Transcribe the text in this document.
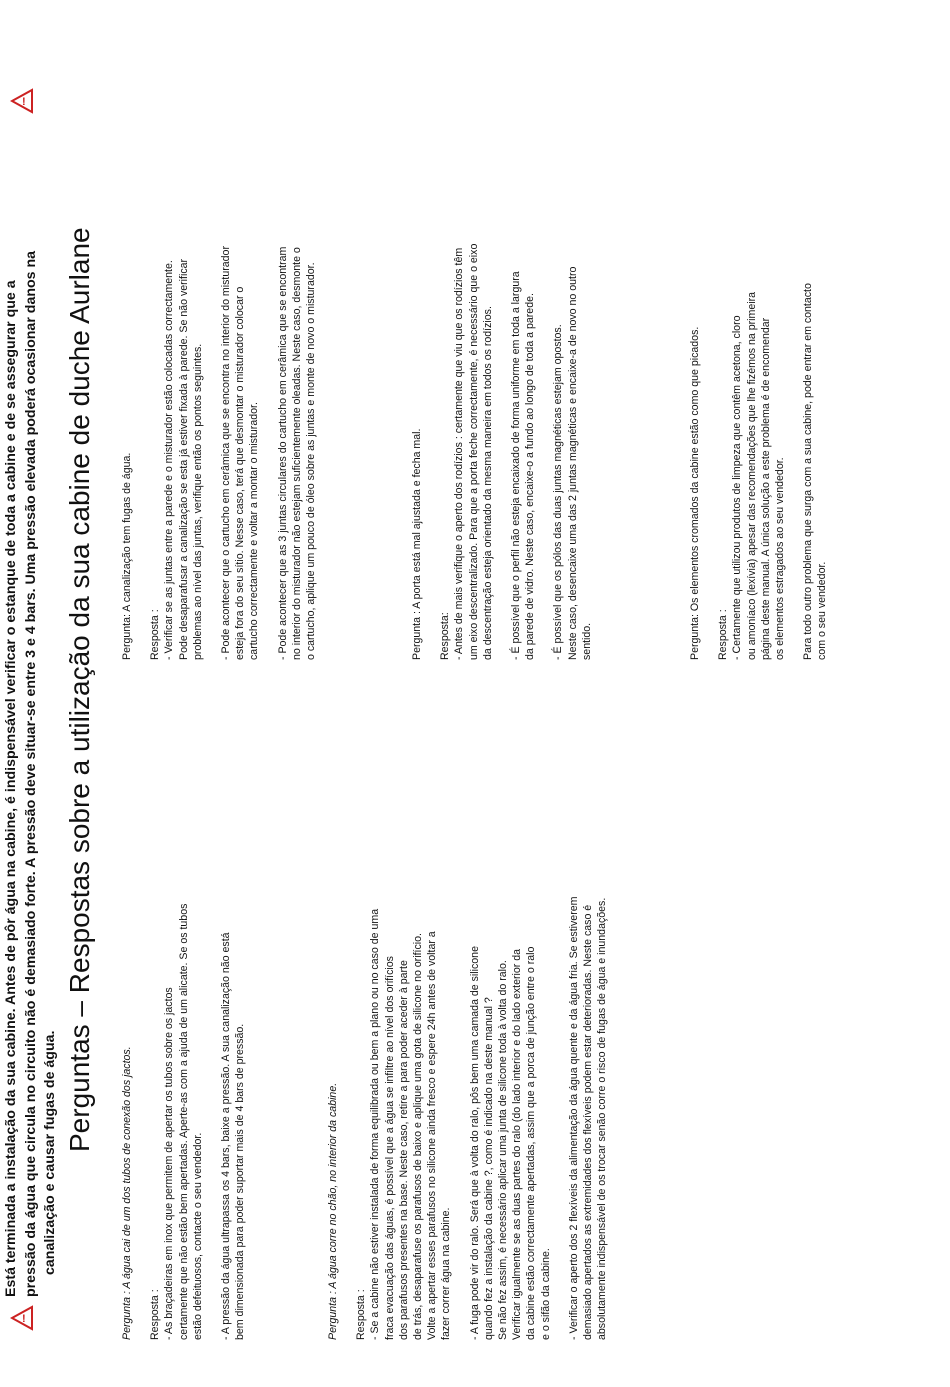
!
!
Está terminada a instalação da sua cabine. Antes de pôr água na cabine, é indispensável verificar o estanque de toda a cabine e de se assegurar que a pressão da água que circula no circuito não é demasiado forte. A pressão deve situar-se entre 3 e 4 bars. Uma pressão elevada poderá ocasionar danos na canalização e causar fugas de água.
Perguntas – Respostas sobre a utilização da sua cabine de duche Aurlane
Pergunta : A água cai de um dos tubos de conexão dos jactos. Resposta : - As braçadeiras em inox que permitem de apertar os tubos sobre os jactos certamente que não estão bem apertadas. Aperte-as com a ajuda de um alicate. Se os tubos estão defeituosos, contacte o seu vendedor. - A pressão da água ultrapassa os 4 bars, baixe a pressão. A sua canalização não está bem dimensionada para poder suportar mais de 4 bars de pressão.	Pergunta : A água corre no chão, no interior da cabine. Resposta : - Se a cabine não estiver instalada de forma equilibrada ou bem a plano ou no caso de uma fraca evacuação das águas, é possível que a água se infiltre ao nível dos orifícios dos parafusos presentes na base. Neste caso, retire a para poder aceder à parte de trás, desaparafuse os parafusos de baixo e aplique uma gota de silicone no orifício. Volte a apertar esses parafusos no silicone ainda fresco e espere 24h antes de voltar a fazer correr água na cabine. - A fuga pode vir do ralo. Será que à volta do ralo, pôs bem uma camada de silicone quando fez a instalação da cabine ?, como é indicado na deste manual ? Se não fez assim, é necessário aplicar uma junta de silicone toda à volta do ralo. Verificar igualmente se as duas partes do ralo (do lado interior e do lado exterior da da cabine estão correctamente apertadas, assim que a porca de junção entre o ralo e o sifão da cabine. - Verificar o aperto dos 2 flexíveis da alimentação da água quente e da água fria. Se estiverem demasiado apertados as extremidades dos flexíveis podem estar deterioradas. Neste caso é absolutamente indispensável de os trocar senão corre o risco de fugas de água e inundações.
Pergunta: A canalização tem fugas de água. Resposta : - Verificar se as juntas entre a parede e o misturador estão colocadas correctamente. Pode desaparafusar a canalização se esta já estiver fixada à parede. Se não verificar problemas ao nível das juntas, verifique então os pontos seguintes. - Pode acontecer que o cartucho em cerâmica que se encontra no interior do misturador esteja fora do seu sítio. Nesse caso, terá que desmontar o misturador colocar o cartucho correctamente e voltar a montar o misturador. - Pode acontecer que as 3 juntas circulares do cartucho em cerâmica que se encontram no interior do misturador não estejam suficientemente oleadas. Neste caso, desmonte o o cartucho, aplique um pouco de óleo sobre as juntas e monte de novo o misturador.	Pergunta : A porta está mal ajustada e fecha mal. Resposta: - Antes de mais verifique o aperto dos rodízios : certamente que viu que os rodízios têm um eixo descentralizado. Para que a porta feche correctamente, é necessário que o eixo da descentração esteja orientado da mesma maneira em todos os rodízios. - É possível que o perfil não esteja encaixado de forma uniforme em toda a largura da parede de vidro. Neste caso, encaixe-o a fundo ao longo de toda a parede. - É possível que os pólos das duas juntas magnéticas estejam opostos. Neste caso, desencaixe uma das 2 juntas magnéticas e encaixe-a de novo no outro sentido.	Pergunta: Os elementos cromados da cabine estão como que picados. Resposta : - Certamente que utilizou produtos de limpeza que contêm acetona, cloro ou amoníaco (lexívia) apesar das recomendações que lhe fizémos na primeira página deste manual. A única solução a este problema é de encomendar os elementos estragados ao seu vendedor. Para todo outro problema que surga com a sua cabine, pode entrar em contacto com o seu vendedor.
